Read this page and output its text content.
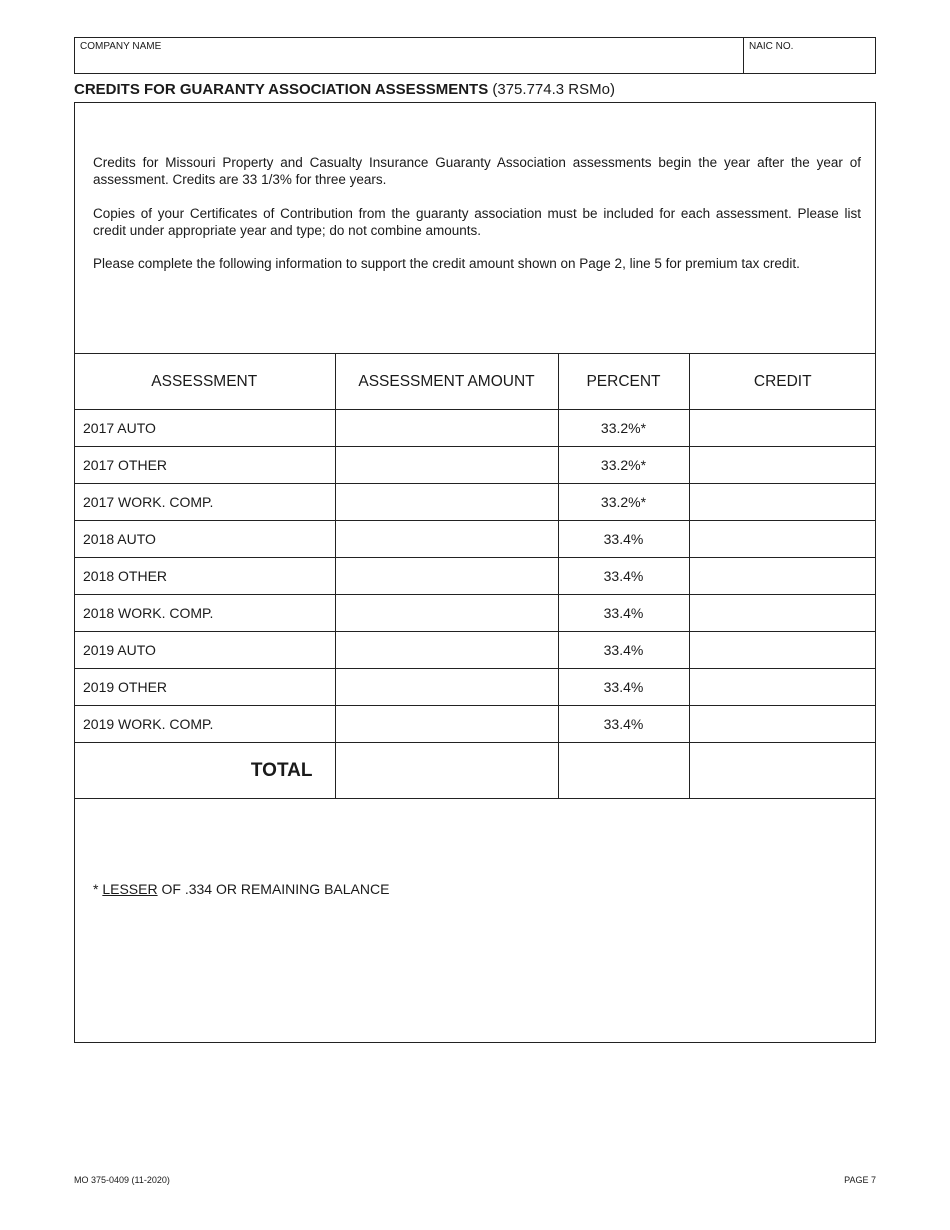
COMPANY NAME	NAIC NO.
CREDITS FOR GUARANTY ASSOCIATION ASSESSMENTS (375.774.3 RSMo)
Credits for Missouri Property and Casualty Insurance Guaranty Association assessments begin the year after the year of assessment. Credits are 33 1/3% for three years.
Copies of your Certificates of Contribution from the guaranty association must be included for each assessment. Please list credit under appropriate year and type; do not combine amounts.
Please complete the following information to support the credit amount shown on Page 2, line 5 for premium tax credit.
ASSESSMENT	ASSESSMENT AMOUNT	PERCENT	CREDIT
2017 AUTO		33.2%*	
2017 OTHER		33.2%*	
2017 WORK. COMP.		33.2%*	
2018 AUTO		33.4%	
2018 OTHER		33.4%	
2018 WORK. COMP.		33.4%	
2019 AUTO		33.4%	
2019 OTHER		33.4%	
2019 WORK. COMP.		33.4%	
TOTAL			
* LESSER OF .334 OR REMAINING BALANCE
MO 375-0409 (11-2020)	PAGE 7
